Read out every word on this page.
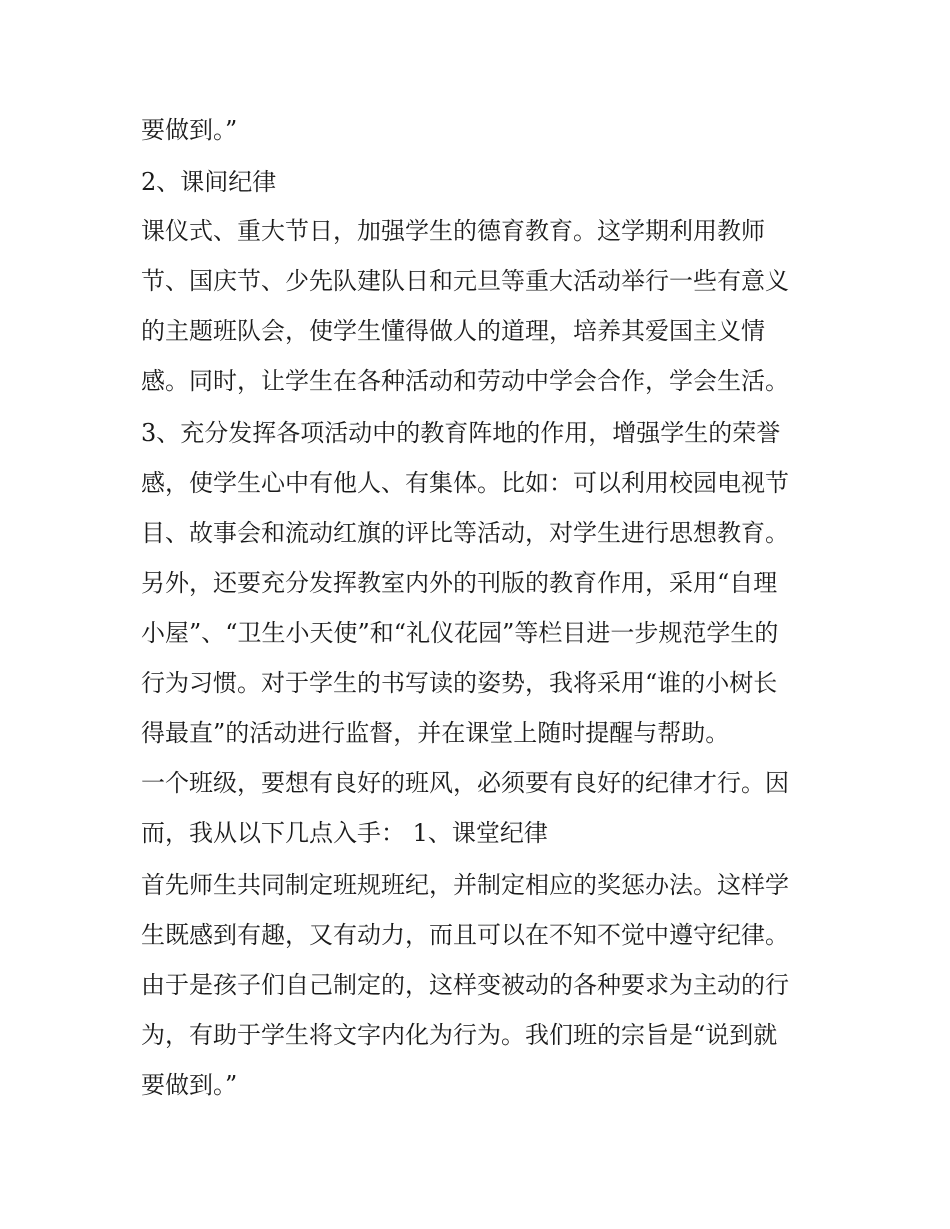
要做到。”
2、课间纪律
课仪式、重大节日，加强学生的德育教育。这学期利用教师
节、国庆节、少先队建队日和元旦等重大活动举行一些有意义
的主题班队会，使学生懂得做人的道理，培养其爱国主义情
感。同时，让学生在各种活动和劳动中学会合作，学会生活。
3、充分发挥各项活动中的教育阵地的作用，增强学生的荣誉
感，使学生心中有他人、有集体。比如：可以利用校园电视节
目、故事会和流动红旗的评比等活动，对学生进行思想教育。
另外，还要充分发挥教室内外的刊版的教育作用，采用“自理
小屋”、“卫生小天使”和“礼仪花园”等栏目进一步规范学生的
行为习惯。对于学生的书写读的姿势，我将采用“谁的小树长
得最直”的活动进行监督，并在课堂上随时提醒与帮助。
一个班级，要想有良好的班风，必须要有良好的纪律才行。因
而，我从以下几点入手： 1、课堂纪律
首先师生共同制定班规班纪，并制定相应的奖惩办法。这样学
生既感到有趣，又有动力，而且可以在不知不觉中遵守纪律。
由于是孩子们自己制定的，这样变被动的各种要求为主动的行
为，有助于学生将文字内化为行为。我们班的宗旨是“说到就
要做到。”
